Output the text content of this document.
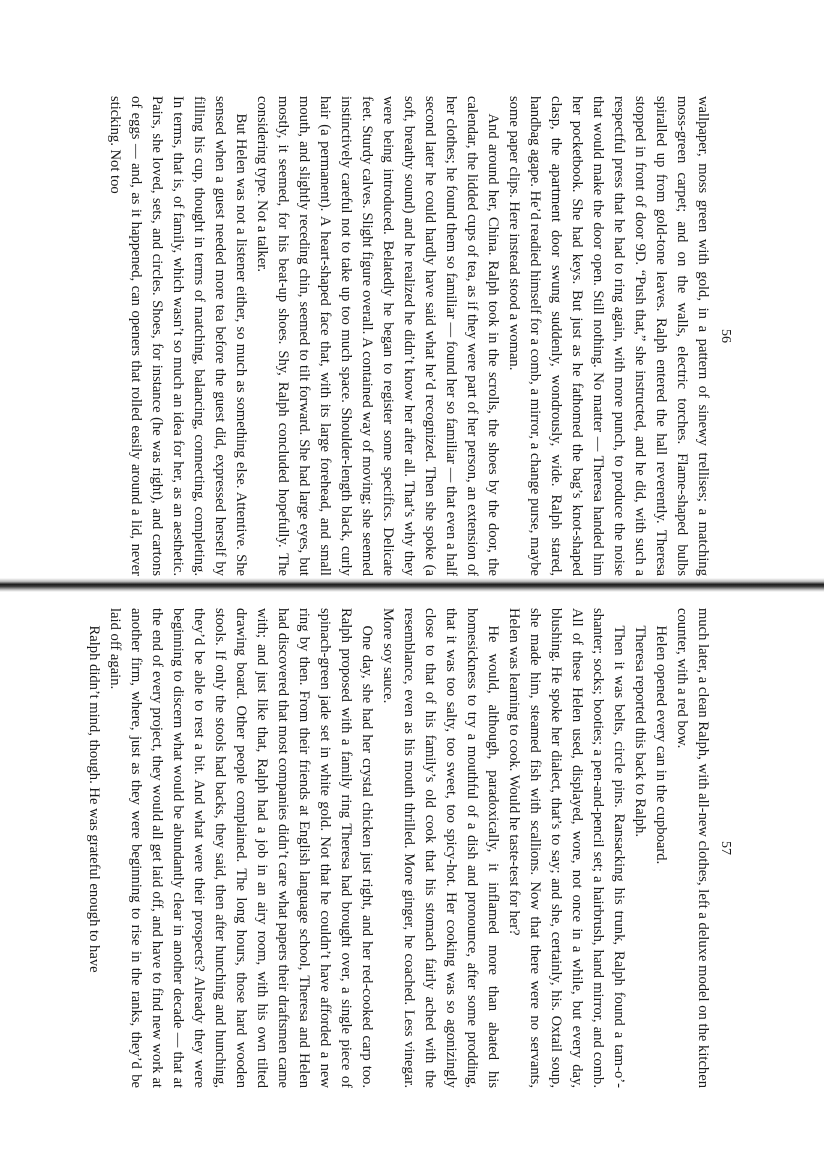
56

wallpaper, moss green with gold, in a pattern of sinewy trellises; a matching moss-green carpet; and on the walls, electric torches. Flame-shaped bulbs spiralled up from gold-tone leaves. Ralph entered the hall reverently. Theresa stopped in front of door 9D. “Push that,” she instructed, and he did, with such a respectful press that he had to ring again, with more punch, to produce the noise that would make the door open. Still nothing. No matter — Theresa handed him her pocketbook. She had keys. But just as he fathomed the bag’s knot-shaped clasp, the apartment door swung suddenly, wondrously, wide. Ralph stared, handbag agape. He’d readied himself for a comb, a mirror, a change purse, maybe some paper clips. Here instead stood a woman.

And around her, China. Ralph took in the scrolls, the shoes by the door, the calendar, the lidded cups of tea, as if they were part of her person, an extension of her clothes; he found them so familiar — found her so familiar — that even a half second later he could hardly have said what he’d recognized. Then she spoke (a soft, breathy sound) and he realized he didn’t know her after all. That’s why they were being introduced. Belatedly he began to register some specifics. Delicate feet. Sturdy calves. Slight figure overall. A contained way of moving; she seemed instinctively careful not to take up too much space. Shoulder-length black, curly hair (a permanent). A heart-shaped face that, with its large forehead, and small mouth, and slightly receding chin, seemed to tilt forward. She had large eyes, but mostly, it seemed, for his beat-up shoes. Shy, Ralph concluded hopefully. The considering type. Not a talker.

But Helen was not a listener either, so much as something else. Attentive. She sensed when a guest needed more tea before the guest did, expressed herself by filling his cup, thought in terms of matching, balancing, connecting, completing. In terms, that is, of family, which wasn’t so much an idea for her, as an aesthetic. Pairs, she loved, sets, and circles. Shoes, for instance (he was right), and cartons of eggs — and, as it happened, can openers that rolled easily around a lid, never sticking. Not too

57

much later, a clean Ralph, with all-new clothes, left a deluxe model on the kitchen counter, with a red bow.

Helen opened every can in the cupboard.

Theresa reported this back to Ralph.

Then it was belts, circle pins. Ransacking his trunk, Ralph found a tam-o’-shanter; socks; booties; a pen-and-pencil set; a hairbrush, hand mirror, and comb. All of these Helen used, displayed, wore, not once in a while, but every day, blushing. He spoke her dialect, that’s to say; and she, certainly, his. Oxtail soup, she made him, steamed fish with scallions. Now that there were no servants, Helen was learning to cook. Would he taste-test for her?

He would, although, paradoxically, it inflamed more than abated his homesickness to try a mouthful of a dish and pronounce, after some prodding, that it was too salty, too sweet, too spicy-hot. Her cooking was so agonizingly close to that of his family’s old cook that his stomach fairly ached with the resemblance, even as his mouth thrilled. More ginger, he coached. Less vinegar. More soy sauce.

One day, she had her crystal chicken just right, and her red-cooked carp too. Ralph proposed with a family ring Theresa had brought over, a single piece of spinach-green jade set in white gold. Not that he couldn’t have afforded a new ring by then. From their friends at English language school, Theresa and Helen had discovered that most companies didn’t care what papers their draftsmen came with; and just like that, Ralph had a job in an airy room, with his own tilted drawing board. Other people complained. The long hours, those hard wooden stools. If only the stools had backs, they said, then after hunching and hunching, they’d be able to rest a bit. And what were their prospects? Already they were beginning to discern what would be abundantly clear in another decade — that at the end of every project, they would all get laid off, and have to find new work at another firm, where, just as they were beginning to rise in the ranks, they’d be laid off again.

Ralph didn’t mind, though. He was grateful enough to have
